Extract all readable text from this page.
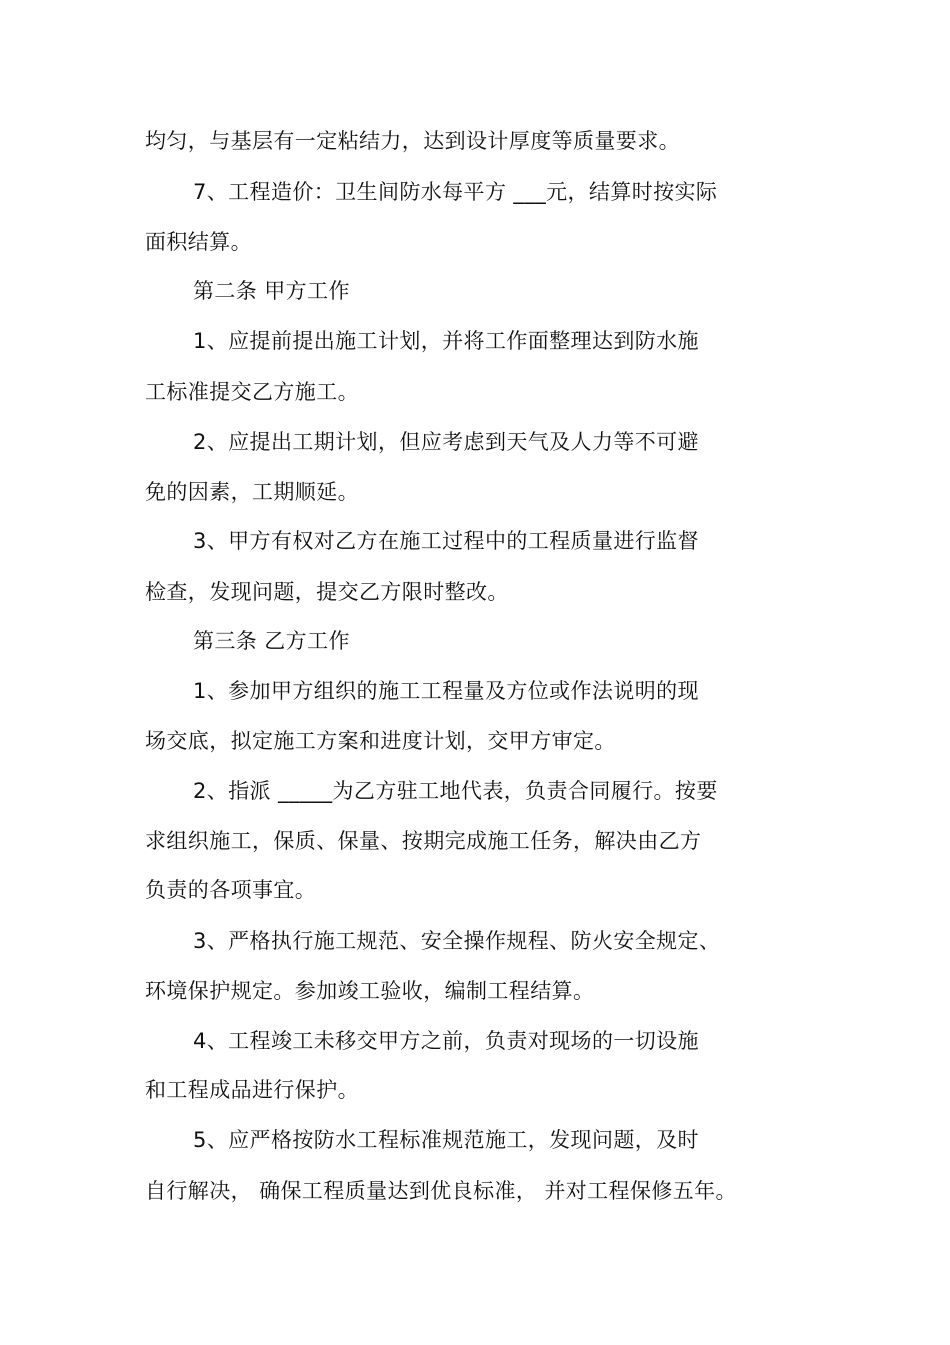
均匀，与基层有一定粘结力，达到设计厚度等质量要求。
7、工程造价：卫生间防水每平方 ___元，结算时按实际
面积结算。
第二条 甲方工作
1、应提前提出施工计划，并将工作面整理达到防水施
工标准提交乙方施工。
2、应提出工期计划，但应考虑到天气及人力等不可避
免的因素，工期顺延。
3、甲方有权对乙方在施工过程中的工程质量进行监督
检查，发现问题，提交乙方限时整改。
第三条 乙方工作
1、参加甲方组织的施工工程量及方位或作法说明的现
场交底，拟定施工方案和进度计划，交甲方审定。
2、指派 _____为乙方驻工地代表，负责合同履行。按要
求组织施工，保质、保量、按期完成施工任务，解决由乙方
负责的各项事宜。
3、严格执行施工规范、安全操作规程、防火安全规定、
环境保护规定。参加竣工验收，编制工程结算。
4、工程竣工未移交甲方之前，负责对现场的一切设施
和工程成品进行保护。
5、应严格按防水工程标准规范施工，发现问题，及时
自行解决， 确保工程质量达到优良标准， 并对工程保修五年。
